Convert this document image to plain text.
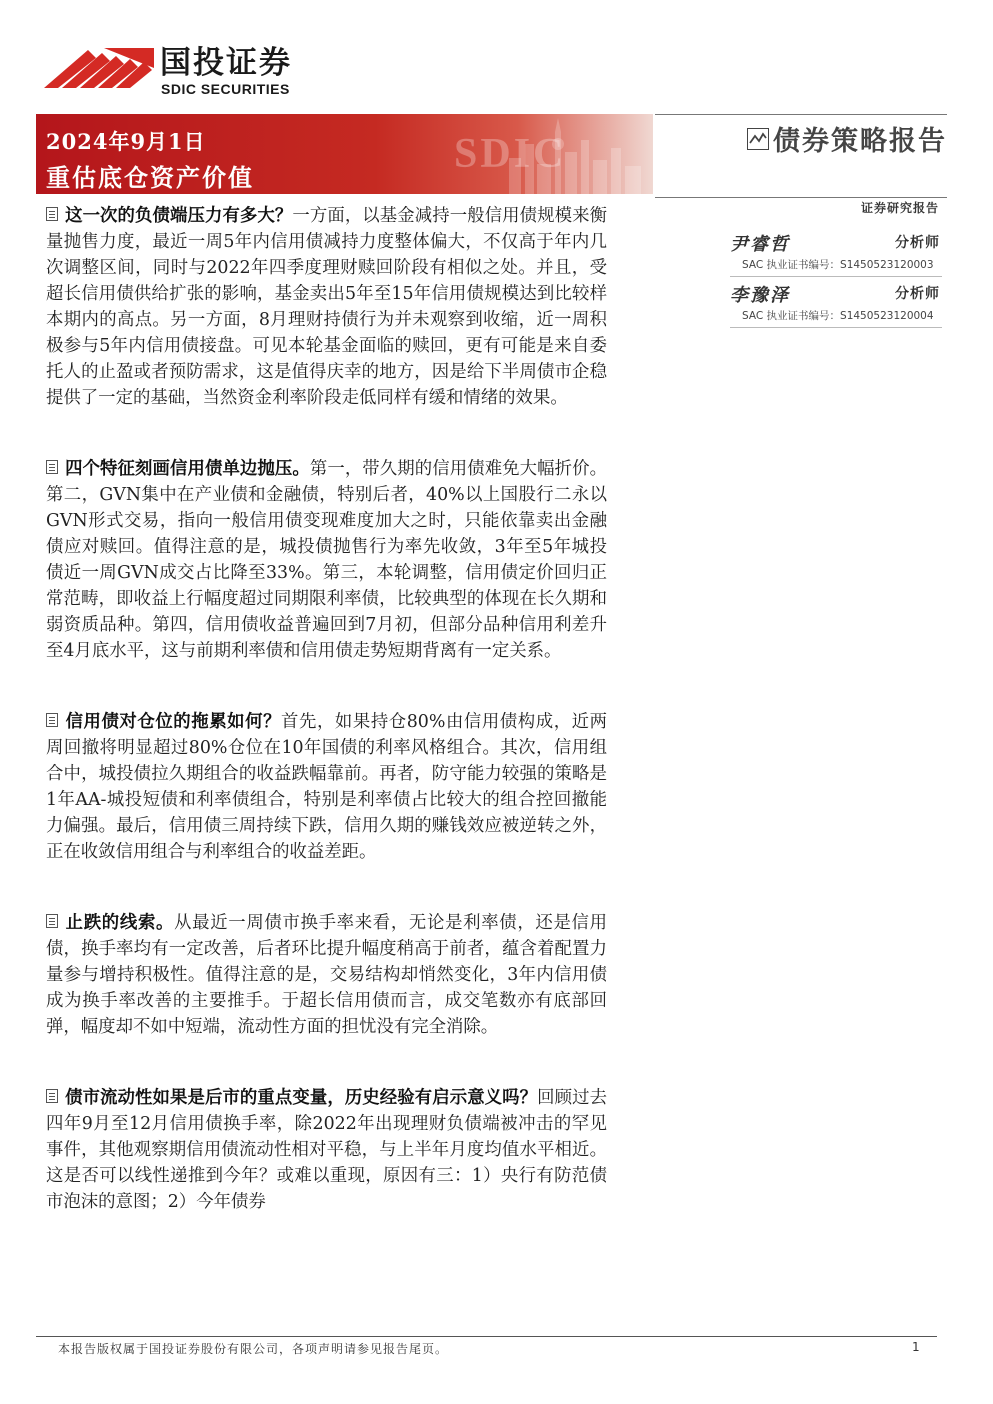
国投证券
SDIC SECURITIES
SDIC
2024年9月1日
重估底仓资产价值
债券策略报告
证券研究报告
尹睿哲	分析师
SAC 执业证书编号：S1450523120003
李豫泽	分析师
SAC 执业证书编号：S1450523120004

这一次的负债端压力有多大？一方面，以基金减持一般信用债规模来衡量抛售力度，最近一周5年内信用债减持力度整体偏大，不仅高于年内几次调整区间，同时与2022年四季度理财赎回阶段有相似之处。并且，受超长信用债供给扩张的影响，基金卖出5年至15年信用债规模达到比较样本期内的高点。另一方面，8月理财持债行为并未观察到收缩，近一周积极参与5年内信用债接盘。可见本轮基金面临的赎回，更有可能是来自委托人的止盈或者预防需求，这是值得庆幸的地方，因是给下半周债市企稳提供了一定的基础，当然资金利率阶段走低同样有缓和情绪的效果。

四个特征刻画信用债单边抛压。第一，带久期的信用债难免大幅折价。第二，GVN集中在产业债和金融债，特别后者，40%以上国股行二永以GVN形式交易，指向一般信用债变现难度加大之时，只能依靠卖出金融债应对赎回。值得注意的是，城投债抛售行为率先收敛，3年至5年城投债近一周GVN成交占比降至33%。第三，本轮调整，信用债定价回归正常范畴，即收益上行幅度超过同期限利率债，比较典型的体现在长久期和弱资质品种。第四，信用债收益普遍回到7月初，但部分品种信用利差升至4月底水平，这与前期利率债和信用债走势短期背离有一定关系。

信用债对仓位的拖累如何？首先，如果持仓80%由信用债构成，近两周回撤将明显超过80%仓位在10年国债的利率风格组合。其次，信用组合中，城投债拉久期组合的收益跌幅靠前。再者，防守能力较强的策略是1年AA-城投短债和利率债组合，特别是利率债占比较大的组合控回撤能力偏强。最后，信用债三周持续下跌，信用久期的赚钱效应被逆转之外，正在收敛信用组合与利率组合的收益差距。

止跌的线索。从最近一周债市换手率来看，无论是利率债，还是信用债，换手率均有一定改善，后者环比提升幅度稍高于前者，蕴含着配置力量参与增持积极性。值得注意的是，交易结构却悄然变化，3年内信用债成为换手率改善的主要推手。于超长信用债而言，成交笔数亦有底部回弹，幅度却不如中短端，流动性方面的担忧没有完全消除。

债市流动性如果是后市的重点变量，历史经验有启示意义吗？回顾过去四年9月至12月信用债换手率，除2022年出现理财负债端被冲击的罕见事件，其他观察期信用债流动性相对平稳，与上半年月度均值水平相近。这是否可以线性递推到今年？或难以重现，原因有三：1）央行有防范债市泡沫的意图；2）今年债券

本报告版权属于国投证券股份有限公司，各项声明请参见报告尾页。	1
